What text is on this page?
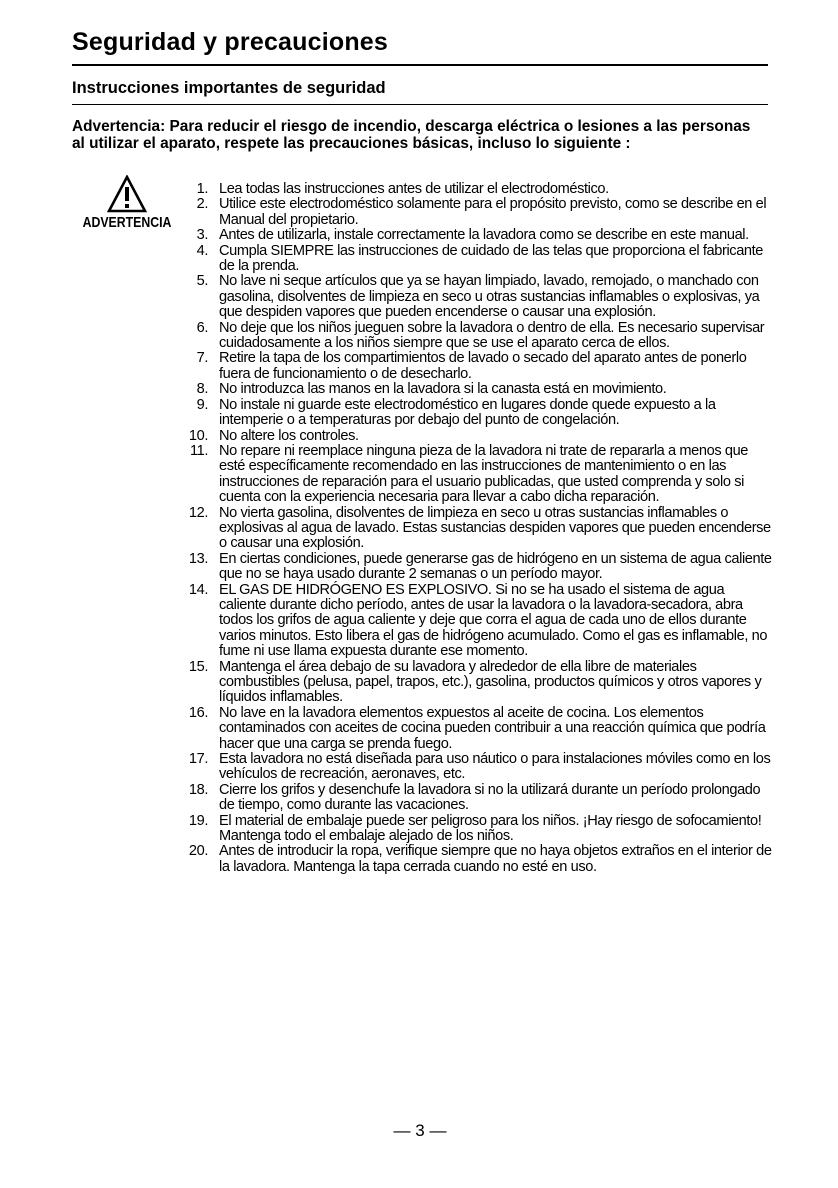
Seguridad y precauciones
Instrucciones importantes de seguridad

Advertencia: Para reducir el riesgo de incendio, descarga eléctrica o lesiones a las personas al utilizar el aparato, respete las precauciones básicas, incluso lo siguiente :

ADVERTENCIA
1. Lea todas las instrucciones antes de utilizar el electrodoméstico.
2. Utilice este electrodoméstico solamente para el propósito previsto, como se describe en el Manual del propietario.
3. Antes de utilizarla, instale correctamente la lavadora como se describe en este manual.
4. Cumpla SIEMPRE las instrucciones de cuidado de las telas que proporciona el fabricante de la prenda.
5. No lave ni seque artículos que ya se hayan limpiado, lavado, remojado, o manchado con gasolina, disolventes de limpieza en seco u otras sustancias inflamables o explosivas, ya que despiden vapores que pueden encenderse o causar una explosión.
6. No deje que los niños jueguen sobre la lavadora o dentro de ella. Es necesario supervisar cuidadosamente a los niños siempre que se use el aparato cerca de ellos.
7. Retire la tapa de los compartimientos de lavado o secado del aparato antes de ponerlo fuera de funcionamiento o de desecharlo.
8. No introduzca las manos en la lavadora si la canasta está en movimiento.
9. No instale ni guarde este electrodoméstico en lugares donde quede expuesto a la intemperie o a temperaturas por debajo del punto de congelación.
10. No altere los controles.
11. No repare ni reemplace ninguna pieza de la lavadora ni trate de repararla a menos que esté específicamente recomendado en las instrucciones de mantenimiento o en las instrucciones de reparación para el usuario publicadas, que usted comprenda y solo si cuenta con la experiencia necesaria para llevar a cabo dicha reparación.
12. No vierta gasolina, disolventes de limpieza en seco u otras sustancias inflamables o explosivas al agua de lavado. Estas sustancias despiden vapores que pueden encenderse o causar una explosión.
13. En ciertas condiciones, puede generarse gas de hidrógeno en un sistema de agua caliente que no se haya usado durante 2 semanas o un período mayor.
14. EL GAS DE HIDRÓGENO ES EXPLOSIVO. Si no se ha usado el sistema de agua caliente durante dicho período, antes de usar la lavadora o la lavadora-secadora, abra todos los grifos de agua caliente y deje que corra el agua de cada uno de ellos durante varios minutos. Esto libera el gas de hidrógeno acumulado. Como el gas es inflamable, no fume ni use llama expuesta durante ese momento.
15. Mantenga el área debajo de su lavadora y alrededor de ella libre de materiales combustibles (pelusa, papel, trapos, etc.), gasolina, productos químicos y otros vapores y líquidos inflamables.
16. No lave en la lavadora elementos expuestos al aceite de cocina. Los elementos contaminados con aceites de cocina pueden contribuir a una reacción química que podría hacer que una carga se prenda fuego.
17. Esta lavadora no está diseñada para uso náutico o para instalaciones móviles como en los vehículos de recreación, aeronaves, etc.
18. Cierre los grifos y desenchufe la lavadora si no la utilizará durante un período prolongado de tiempo, como durante las vacaciones.
19. El material de embalaje puede ser peligroso para los niños. ¡Hay riesgo de sofocamiento! Mantenga todo el embalaje alejado de los niños.
20. Antes de introducir la ropa, verifique siempre que no haya objetos extraños en el interior de la lavadora. Mantenga la tapa cerrada cuando no esté en uso.
— 3 —
